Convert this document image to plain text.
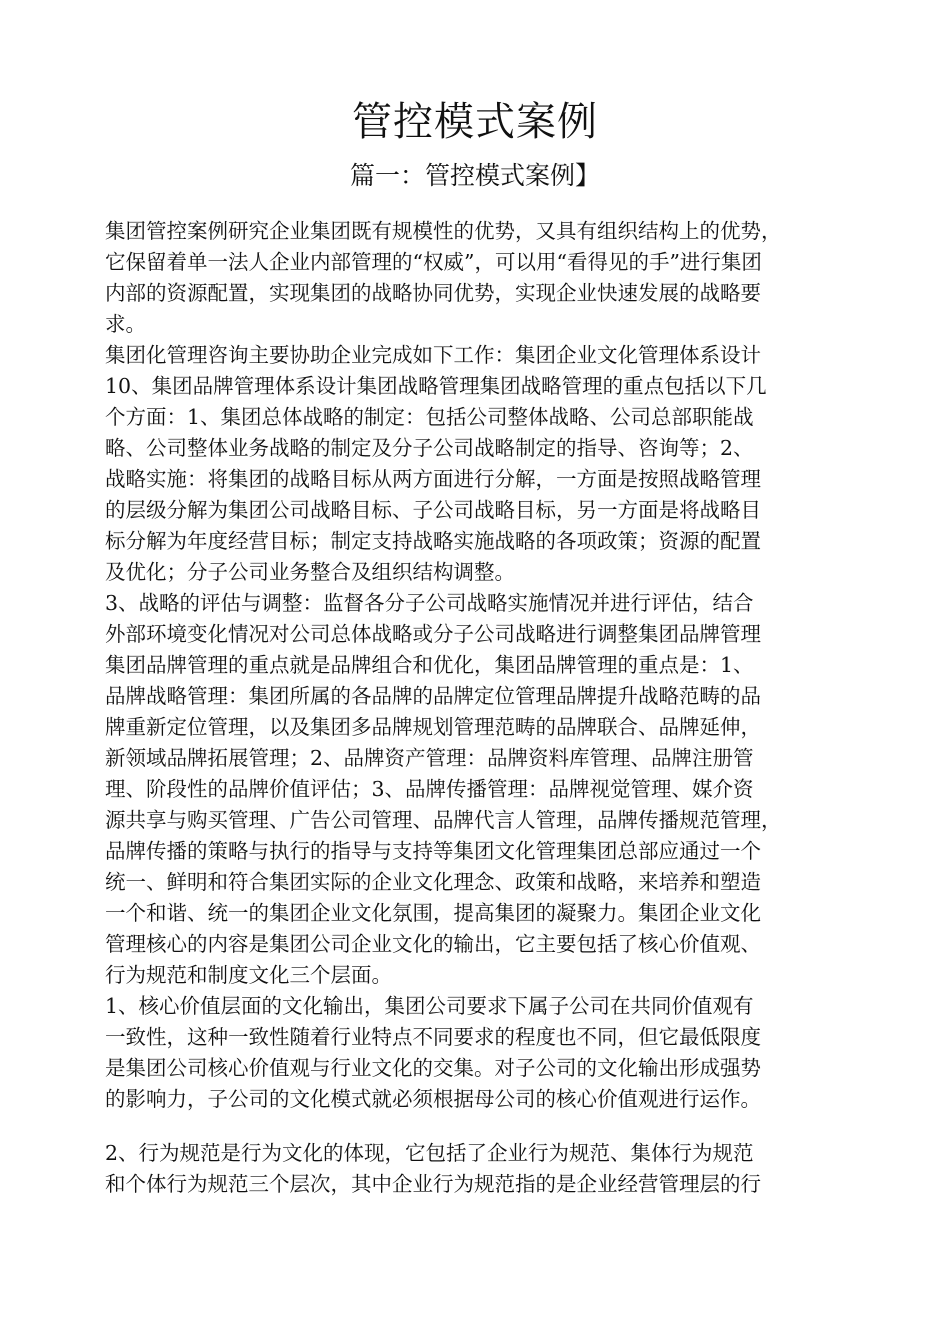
管控模式案例
篇一：管控模式案例】
集团管控案例研究企业集团既有规模性的优势，又具有组织结构上的优势，
它保留着单一法人企业内部管理的“权威”，可以用“看得见的手”进行集团
内部的资源配置，实现集团的战略协同优势，实现企业快速发展的战略要
求。
集团化管理咨询主要协助企业完成如下工作：集团企业文化管理体系设计
10、集团品牌管理体系设计集团战略管理集团战略管理的重点包括以下几
个方面：1、集团总体战略的制定：包括公司整体战略、公司总部职能战
略、公司整体业务战略的制定及分子公司战略制定的指导、咨询等；2、
战略实施：将集团的战略目标从两方面进行分解，一方面是按照战略管理
的层级分解为集团公司战略目标、子公司战略目标，另一方面是将战略目
标分解为年度经营目标；制定支持战略实施战略的各项政策；资源的配置
及优化；分子公司业务整合及组织结构调整。
3、战略的评估与调整：监督各分子公司战略实施情况并进行评估，结合
外部环境变化情况对公司总体战略或分子公司战略进行调整集团品牌管理
集团品牌管理的重点就是品牌组合和优化，集团品牌管理的重点是：1、
品牌战略管理：集团所属的各品牌的品牌定位管理品牌提升战略范畴的品
牌重新定位管理，以及集团多品牌规划管理范畴的品牌联合、品牌延伸，
新领域品牌拓展管理；2、品牌资产管理：品牌资料库管理、品牌注册管
理、阶段性的品牌价值评估；3、品牌传播管理：品牌视觉管理、媒介资
源共享与购买管理、广告公司管理、品牌代言人管理，品牌传播规范管理，
品牌传播的策略与执行的指导与支持等集团文化管理集团总部应通过一个
统一、鲜明和符合集团实际的企业文化理念、政策和战略，来培养和塑造
一个和谐、统一的集团企业文化氛围，提高集团的凝聚力。集团企业文化
管理核心的内容是集团公司企业文化的输出，它主要包括了核心价值观、
行为规范和制度文化三个层面。
1、核心价值层面的文化输出，集团公司要求下属子公司在共同价值观有
一致性，这种一致性随着行业特点不同要求的程度也不同，但它最低限度
是集团公司核心价值观与行业文化的交集。对子公司的文化输出形成强势
的影响力，子公司的文化模式就必须根据母公司的核心价值观进行运作。
2、行为规范是行为文化的体现，它包括了企业行为规范、集体行为规范
和个体行为规范三个层次，其中企业行为规范指的是企业经营管理层的行
